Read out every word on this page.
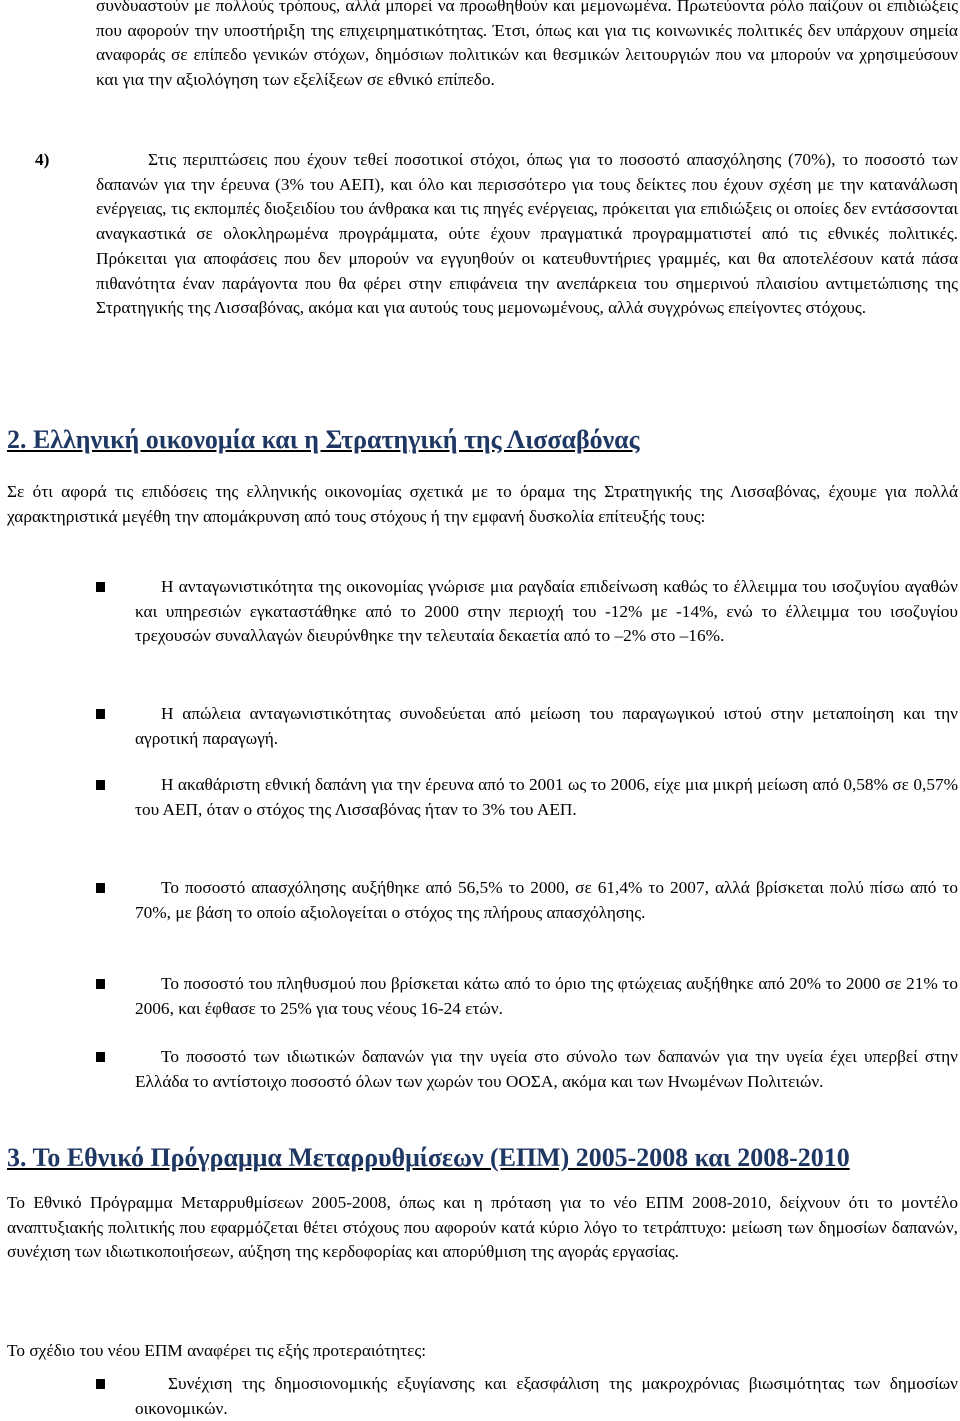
συνδυαστούν με πολλούς τρόπους, αλλά μπορεί να προωθηθούν και μεμονωμένα. Πρωτεύοντα ρόλο παίζουν οι επιδιώξεις που αφορούν την υποστήριξη της επιχειρηματικότητας. Έτσι, όπως και για τις κοινωνικές πολιτικές δεν υπάρχουν σημεία αναφοράς σε επίπεδο γενικών στόχων, δημόσιων πολιτικών και θεσμικών λειτουργιών που να μπορούν να χρησιμεύσουν και για την αξιολόγηση των εξελίξεων σε εθνικό επίπεδο.

4)	Στις περιπτώσεις που έχουν τεθεί ποσοτικοί στόχοι, όπως για το ποσοστό απασχόλησης (70%), το ποσοστό των δαπανών για την έρευνα (3% του ΑΕΠ), και όλο και περισσότερο για τους δείκτες που έχουν σχέση με την κατανάλωση ενέργειας, τις εκπομπές διοξειδίου του άνθρακα και τις πηγές ενέργειας, πρόκειται για επιδιώξεις οι οποίες δεν εντάσσονται αναγκαστικά σε ολοκληρωμένα προγράμματα, ούτε έχουν πραγματικά προγραμματιστεί από τις εθνικές πολιτικές. Πρόκειται για αποφάσεις που δεν μπορούν να εγγυηθούν οι κατευθυντήριες γραμμές, και θα αποτελέσουν κατά πάσα πιθανότητα έναν παράγοντα που θα φέρει στην επιφάνεια την ανεπάρκεια του σημερινού πλαισίου αντιμετώπισης της Στρατηγικής της Λισσαβόνας, ακόμα και για αυτούς τους μεμονωμένους, αλλά συγχρόνως επείγοντες στόχους.

2. Ελληνική οικονομία και η Στρατηγική της Λισσαβόνας

Σε ότι αφορά τις επιδόσεις της ελληνικής οικονομίας σχετικά με το όραμα της Στρατηγικής της Λισσαβόνας, έχουμε για πολλά χαρακτηριστικά μεγέθη την απομάκρυνση από τους στόχους ή την εμφανή δυσκολία επίτευξής τους:

Η ανταγωνιστικότητα της οικονομίας γνώρισε μια ραγδαία επιδείνωση καθώς το έλλειμμα του ισοζυγίου αγαθών και υπηρεσιών εγκαταστάθηκε από το 2000 στην περιοχή του -12% με -14%, ενώ το έλλειμμα του ισοζυγίου τρεχουσών συναλλαγών διευρύνθηκε την τελευταία δεκαετία από το –2% στο –16%.

Η απώλεια ανταγωνιστικότητας συνοδεύεται από μείωση του παραγωγικού ιστού στην μεταποίηση και την αγροτική παραγωγή.

Η ακαθάριστη εθνική δαπάνη για την έρευνα από το 2001 ως το 2006, είχε μια μικρή μείωση από 0,58% σε 0,57% του ΑΕΠ, όταν ο στόχος της Λισσαβόνας ήταν το 3% του ΑΕΠ.

Το ποσοστό απασχόλησης αυξήθηκε από 56,5% το 2000, σε 61,4% το 2007, αλλά βρίσκεται πολύ πίσω από το 70%, με βάση το οποίο αξιολογείται ο στόχος της πλήρους απασχόλησης.

Το ποσοστό του πληθυσμού που βρίσκεται κάτω από το όριο της φτώχειας αυξήθηκε από 20% το 2000 σε 21% το 2006, και έφθασε το 25% για τους νέους 16-24 ετών.

Το ποσοστό των ιδιωτικών δαπανών για την υγεία στο σύνολο των δαπανών για την υγεία έχει υπερβεί στην Ελλάδα το αντίστοιχο ποσοστό όλων των χωρών του ΟΟΣΑ, ακόμα και των Ηνωμένων Πολιτειών.

3. Το Εθνικό Πρόγραμμα Μεταρρυθμίσεων (ΕΠΜ) 2005-2008 και 2008-2010

Το Εθνικό Πρόγραμμα Μεταρρυθμίσεων 2005-2008, όπως και η πρόταση για το νέο ΕΠΜ 2008-2010, δείχνουν ότι το μοντέλο αναπτυξιακής πολιτικής που εφαρμόζεται θέτει στόχους που αφορούν κατά κύριο λόγο το τετράπτυχο: μείωση των δημοσίων δαπανών, συνέχιση των ιδιωτικοποιήσεων, αύξηση της κερδοφορίας και απορύθμιση της αγοράς εργασίας.

Το σχέδιο του νέου ΕΠΜ αναφέρει τις εξής προτεραιότητες:

Συνέχιση της δημοσιονομικής εξυγίανσης και εξασφάλιση της μακροχρόνιας βιωσιμότητας των δημοσίων οικονομικών.
